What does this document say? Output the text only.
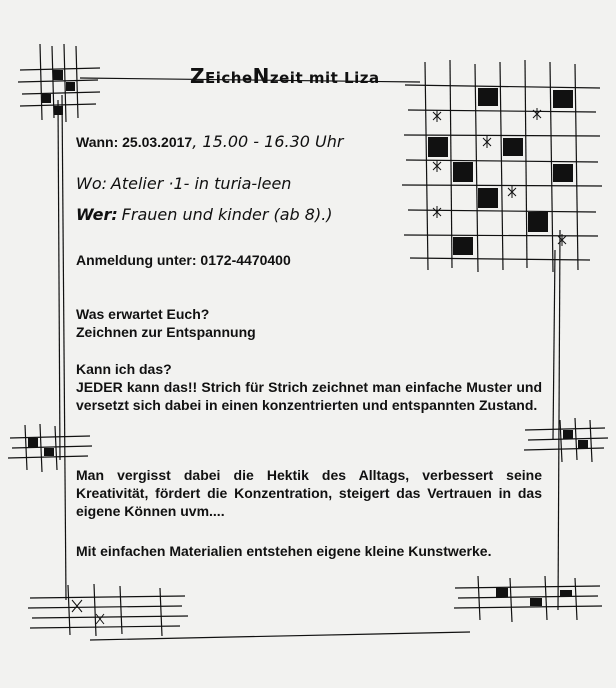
ZEicheNzeit mit Liza
Wann: 25.03.2017, 15.00 - 16.30 Uhr
Wo: Atelier ·1- in turia-leen
Wer: Frauen und kinder (ab 8).)
Anmeldung unter: 0172-4470400
Was erwartet Euch?
Zeichnen zur Entspannung
Kann ich das?
JEDER kann das!! Strich für Strich zeichnet man einfache Muster und versetzt sich dabei in einen konzentrierten und entspannten Zustand.
Man vergisst dabei die Hektik des Alltags, verbessert seine Kreativität, fördert die Konzentration, steigert das Vertrauen in das eigene Können uvm....
Mit einfachen Materialien entstehen eigene kleine Kunstwerke.
